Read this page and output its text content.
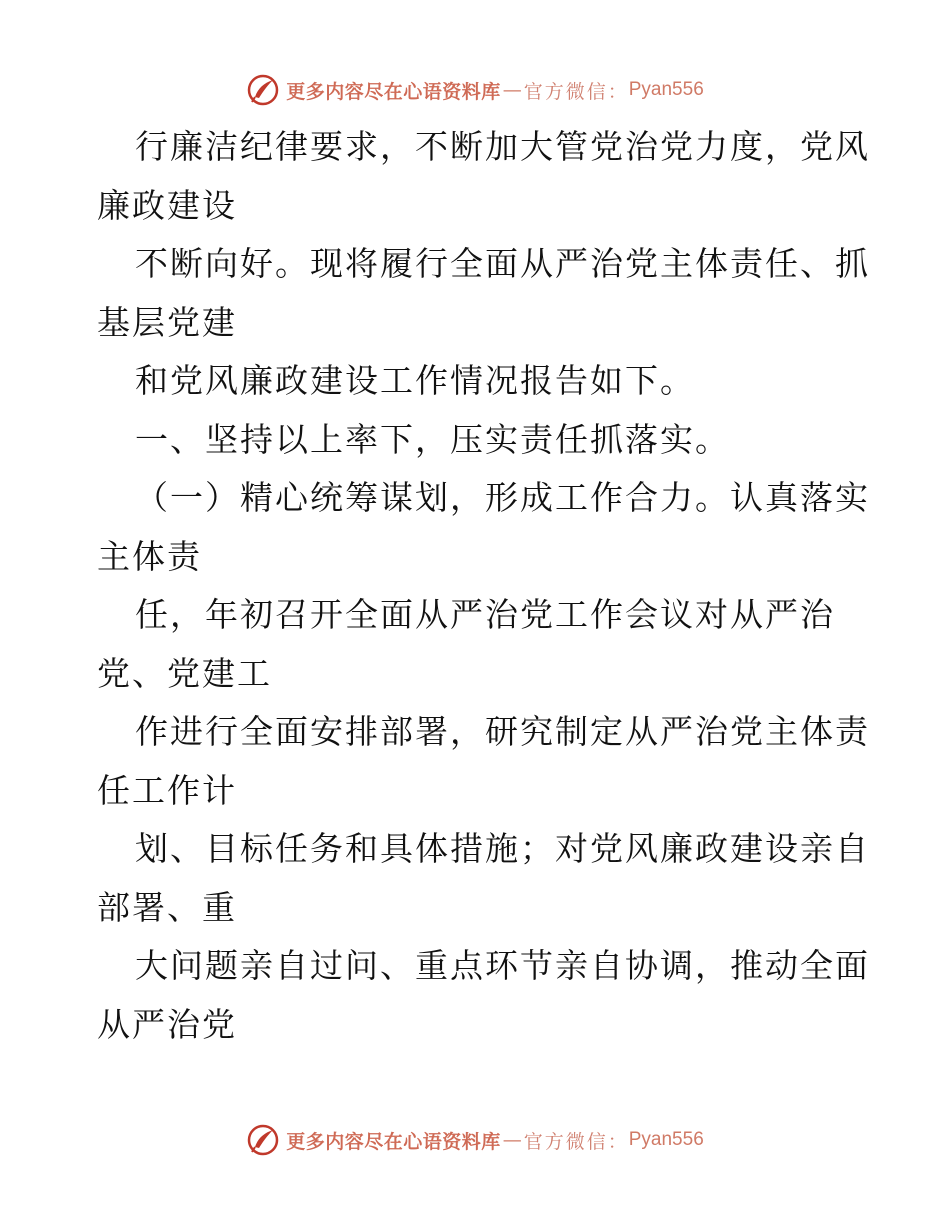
更多内容尽在心语资料库 — 官方微信： Pyan556
行廉洁纪律要求，不断加大管党治党力度，党风
廉政建设
不断向好。现将履行全面从严治党主体责任、抓
基层党建
和党风廉政建设工作情况报告如下。
一、坚持以上率下，压实责任抓落实。
（一）精心统筹谋划，形成工作合力。认真落实
主体责
任，年初召开全面从严治党工作会议对从严治
党、党建工
作进行全面安排部署，研究制定从严治党主体责
任工作计
划、目标任务和具体措施；对党风廉政建设亲自
部署、重
大问题亲自过问、重点环节亲自协调，推动全面
从严治党
更多内容尽在心语资料库 — 官方微信： Pyan556
